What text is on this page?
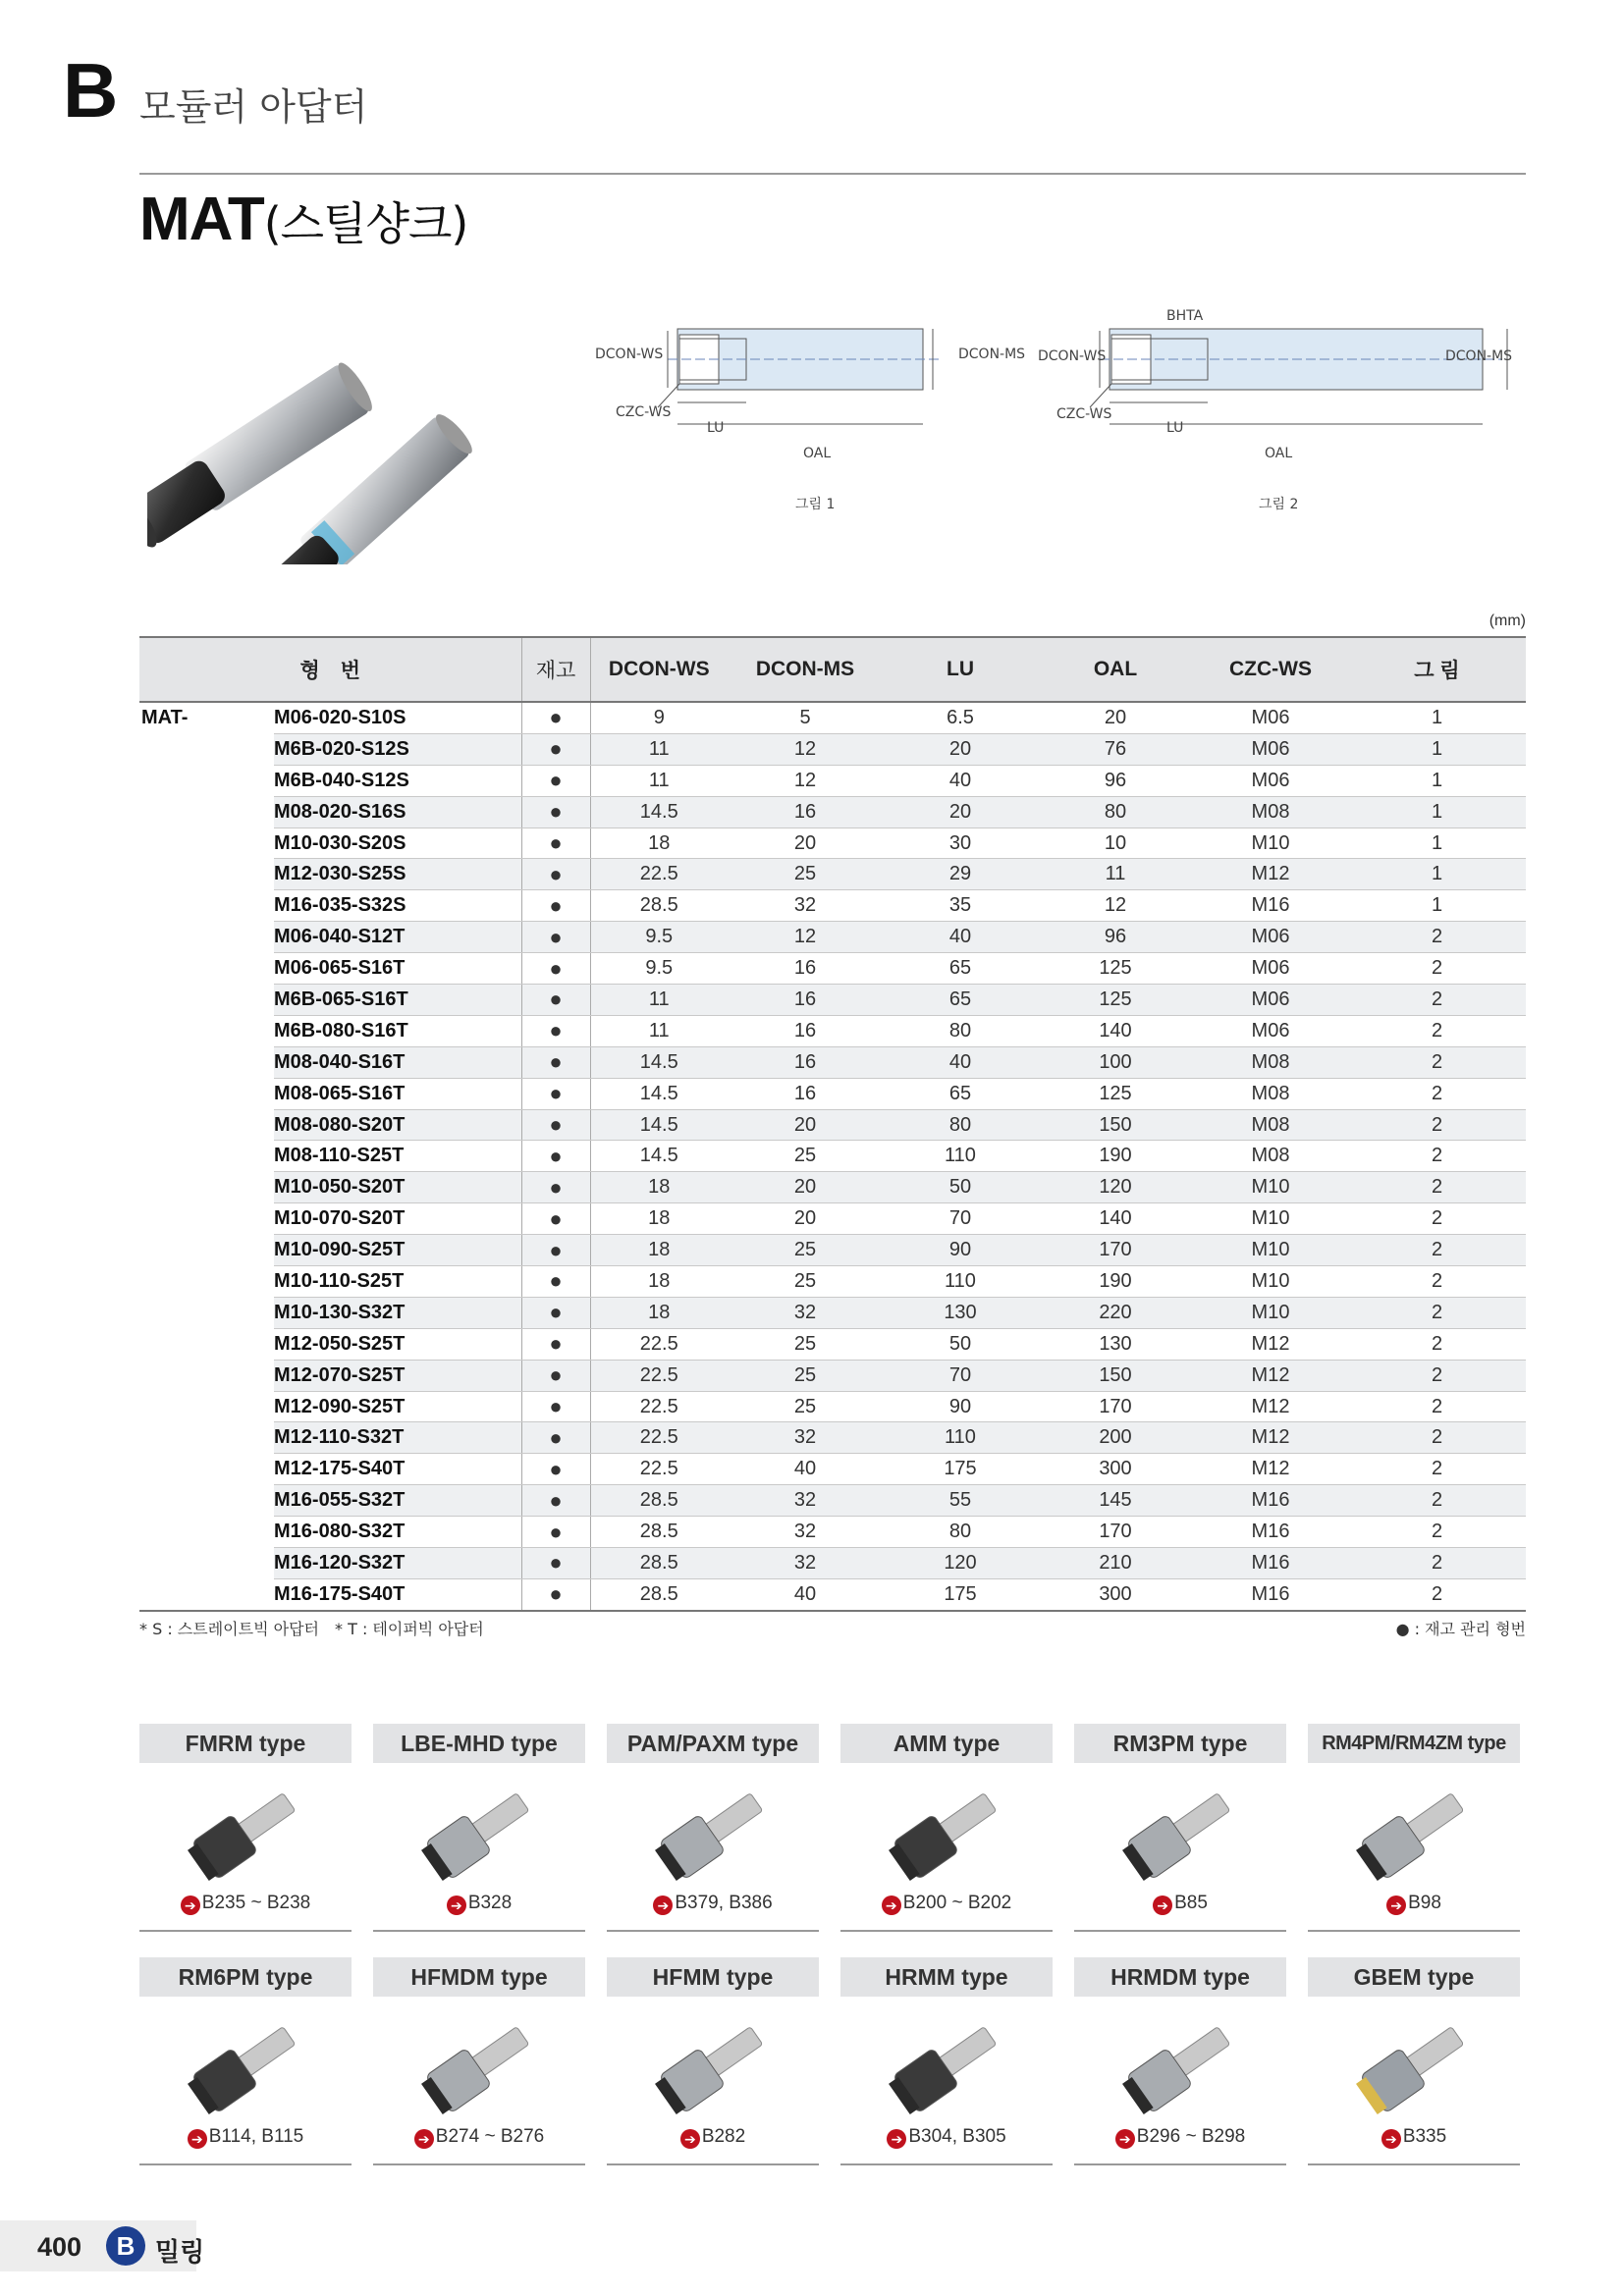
B 모듈러 아답터
MAT(스틸샹크)
DCON-WS	DCON-MS
CZC-WS
LU
OAL
그림 1
BHTA
DCON-WS	DCON-MS
CZC-WS
LU
OAL
그림 2
(mm)
형　번		재고	DCON-WS	DCON-MS	LU	OAL	CZC-WS	그 림
MAT-	M06-020-S10S	●	9	5	6.5	20	M06	1
	M6B-020-S12S	●	11	12	20	76	M06	1
	M6B-040-S12S	●	11	12	40	96	M06	1
	M08-020-S16S	●	14.5	16	20	80	M08	1
	M10-030-S20S	●	18	20	30	10	M10	1
	M12-030-S25S	●	22.5	25	29	11	M12	1
	M16-035-S32S	●	28.5	32	35	12	M16	1
	M06-040-S12T	●	9.5	12	40	96	M06	2
	M06-065-S16T	●	9.5	16	65	125	M06	2
	M6B-065-S16T	●	11	16	65	125	M06	2
	M6B-080-S16T	●	11	16	80	140	M06	2
	M08-040-S16T	●	14.5	16	40	100	M08	2
	M08-065-S16T	●	14.5	16	65	125	M08	2
	M08-080-S20T	●	14.5	20	80	150	M08	2
	M08-110-S25T	●	14.5	25	110	190	M08	2
	M10-050-S20T	●	18	20	50	120	M10	2
	M10-070-S20T	●	18	20	70	140	M10	2
	M10-090-S25T	●	18	25	90	170	M10	2
	M10-110-S25T	●	18	25	110	190	M10	2
	M10-130-S32T	●	18	32	130	220	M10	2
	M12-050-S25T	●	22.5	25	50	130	M12	2
	M12-070-S25T	●	22.5	25	70	150	M12	2
	M12-090-S25T	●	22.5	25	90	170	M12	2
	M12-110-S32T	●	22.5	32	110	200	M12	2
	M12-175-S40T	●	22.5	40	175	300	M12	2
	M16-055-S32T	●	28.5	32	55	145	M16	2
	M16-080-S32T	●	28.5	32	80	170	M16	2
	M16-120-S32T	●	28.5	32	120	210	M16	2
	M16-175-S40T	●	28.5	40	175	300	M16	2
* S : 스트레이트빅 아답터　* T : 테이퍼빅 아답터	● : 재고 관리 형번
FMRM type
➔ B235 ~ B238
LBE-MHD type
➔ B328
PAM/PAXM type
➔ B379, B386
AMM type
➔ B200 ~ B202
RM3PM type
➔ B85
RM4PM/RM4ZM type
➔ B98
RM6PM type
➔ B114, B115
HFMDM type
➔ B274 ~ B276
HFMM type
➔ B282
HRMM type
➔ B304, B305
HRMDM type
➔ B296 ~ B298
GBEM type
➔ B335
400	B 밀링
